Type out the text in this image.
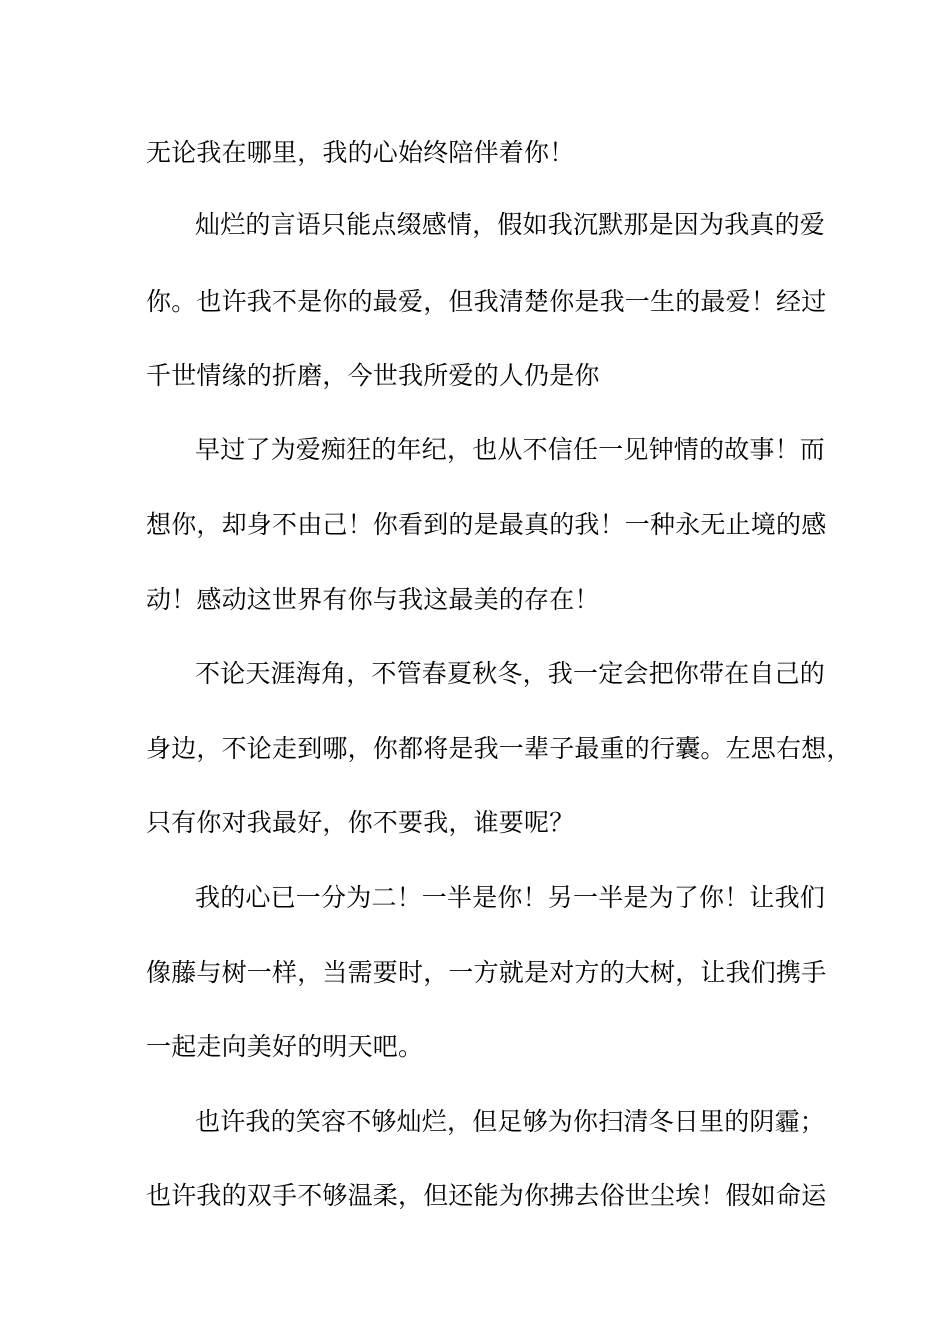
无论我在哪里，我的心始终陪伴着你！
灿烂的言语只能点缀感情，假如我沉默那是因为我真的爱
你。也许我不是你的最爱，但我清楚你是我一生的最爱！经过
千世情缘的折磨，今世我所爱的人仍是你
早过了为爱痴狂的年纪，也从不信任一见钟情的故事！而
想你，却身不由己！你看到的是最真的我！一种永无止境的感
动！感动这世界有你与我这最美的存在！
不论天涯海角，不管春夏秋冬，我一定会把你带在自己的
身边，不论走到哪，你都将是我一辈子最重的行囊。左思右想，
只有你对我最好，你不要我，谁要呢？
我的心已一分为二！一半是你！另一半是为了你！让我们
像藤与树一样，当需要时，一方就是对方的大树，让我们携手
一起走向美好的明天吧。
也许我的笑容不够灿烂，但足够为你扫清冬日里的阴霾；
也许我的双手不够温柔，但还能为你拂去俗世尘埃！假如命运
